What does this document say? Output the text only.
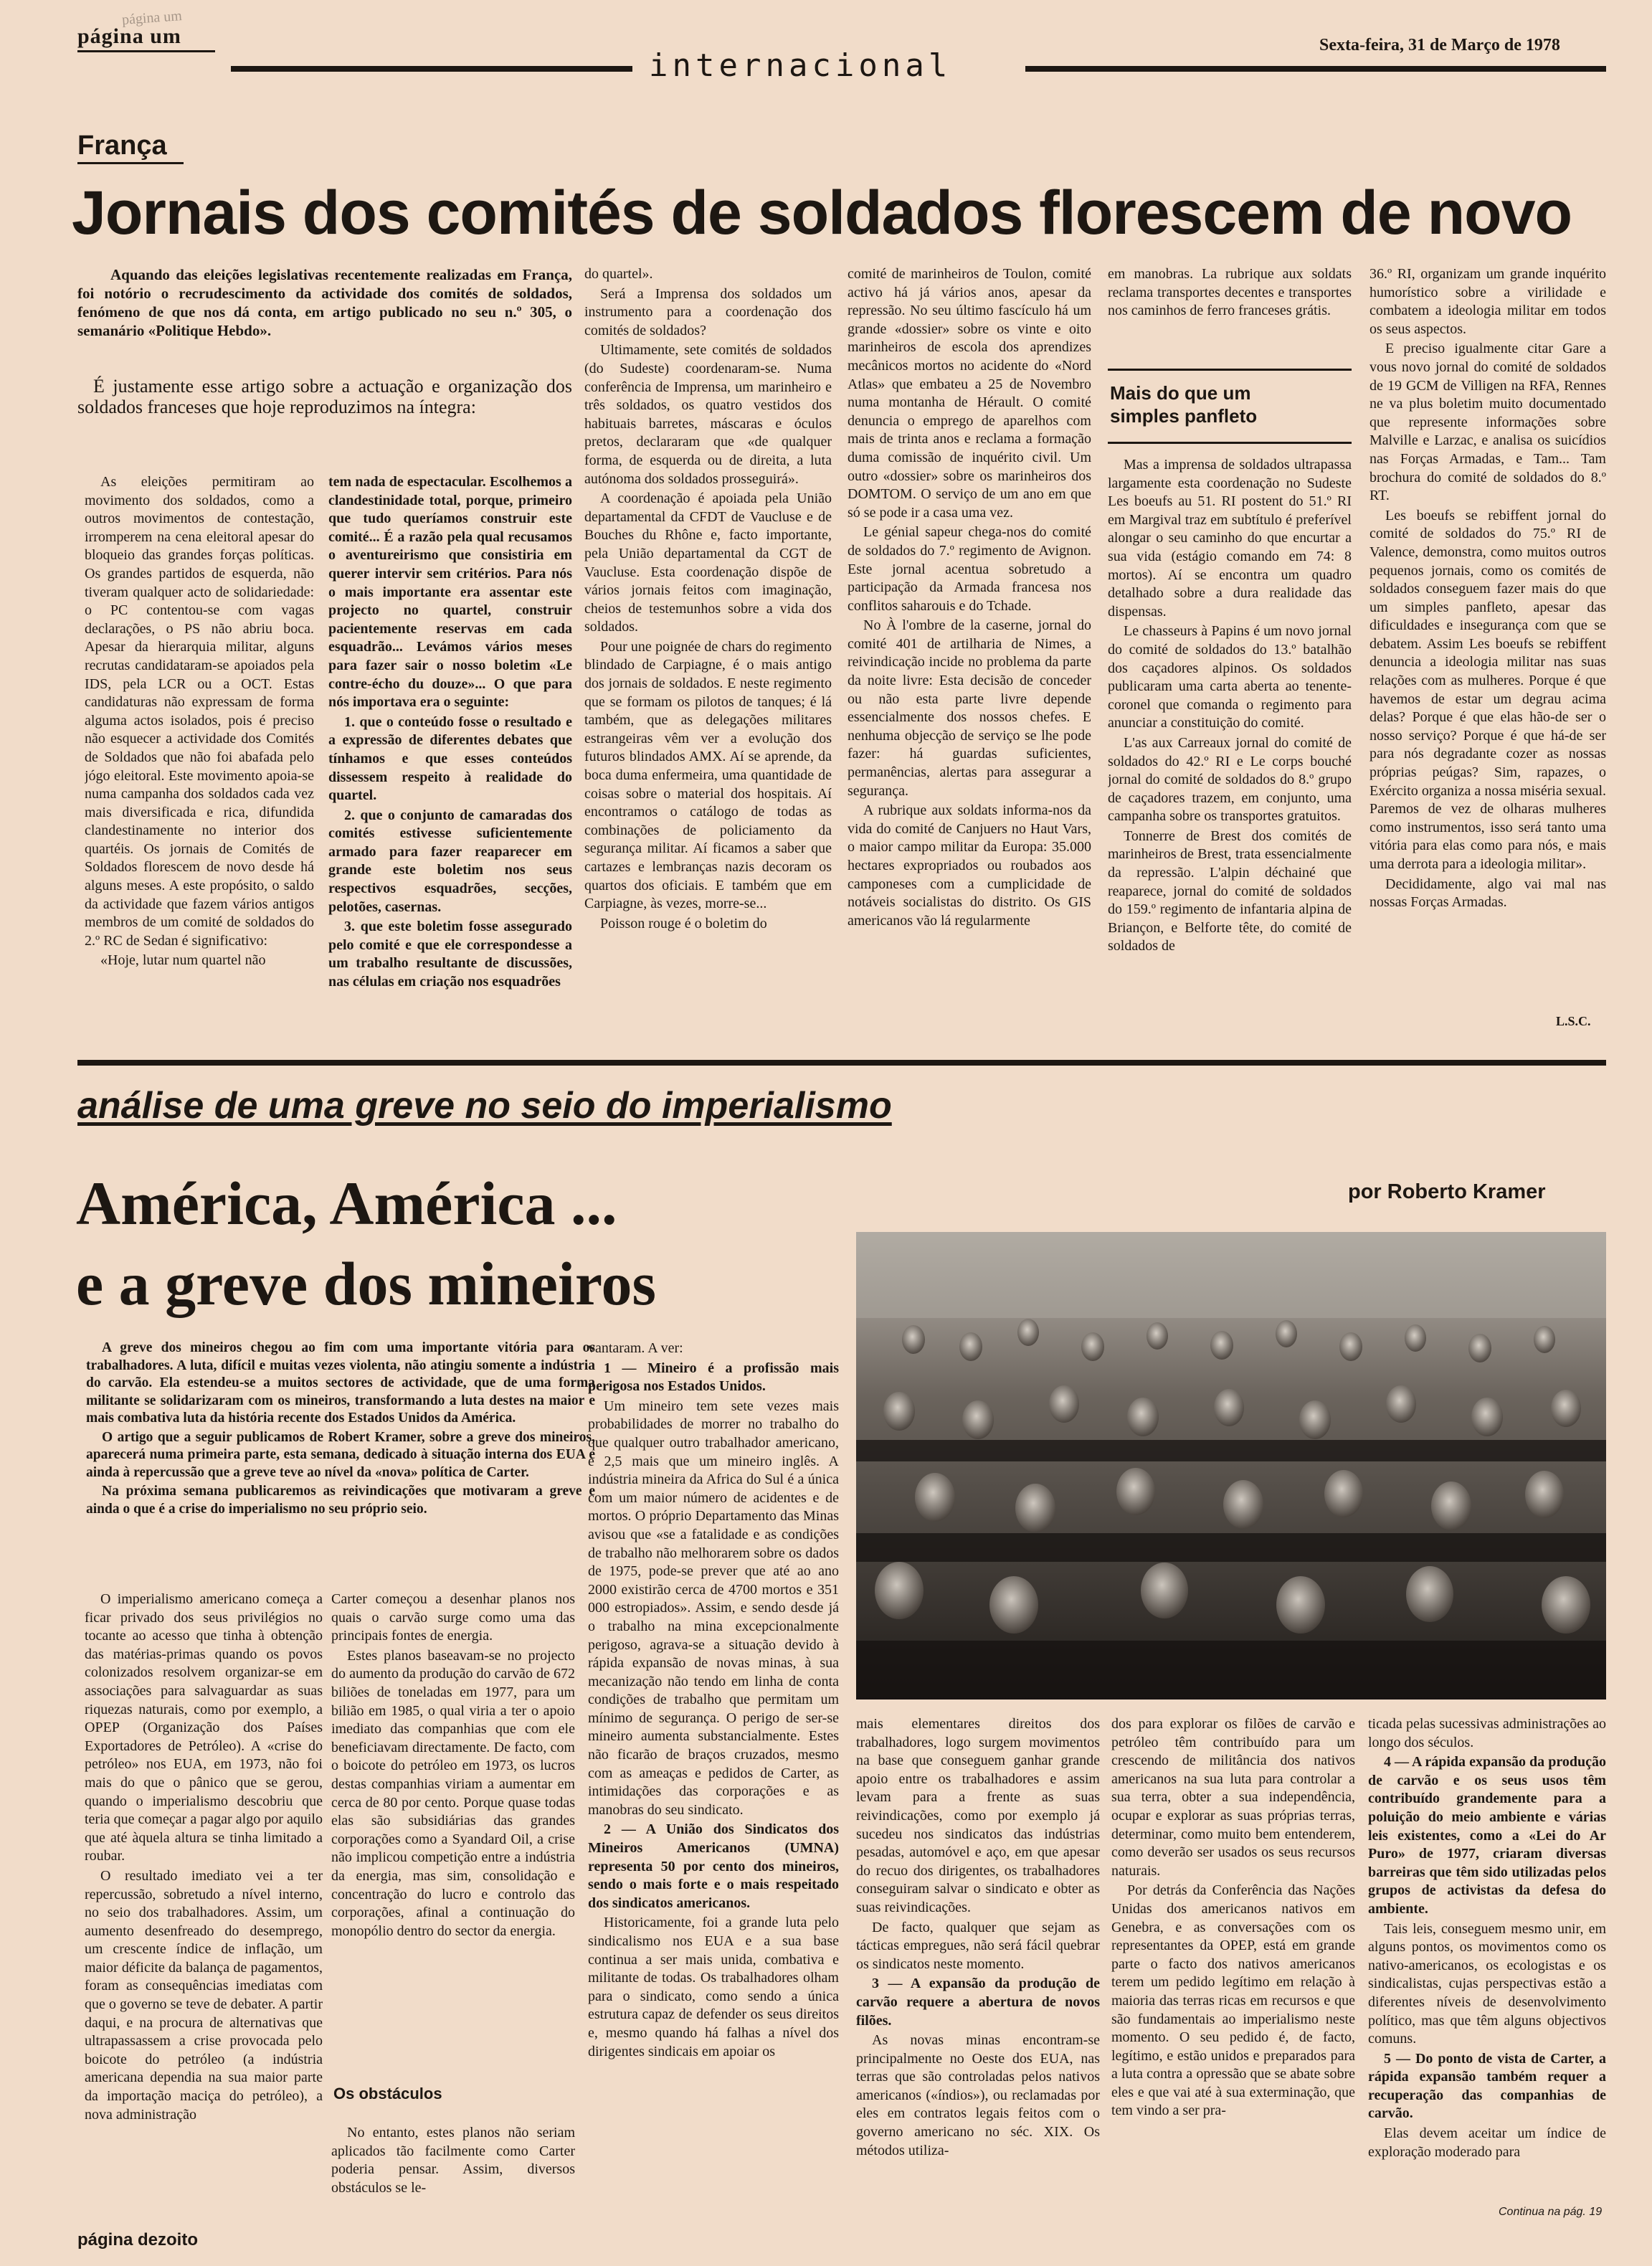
página um
página um
internacional
Sexta-feira, 31 de Março de 1978
França
Jornais dos comités de soldados florescem de novo

Aquando das eleições legislativas recentemente realizadas em França, foi notório o recrudescimento da actividade dos comités de soldados, fenómeno de que nos dá conta, em artigo publicado no seu n.º 305, o semanário «Politique Hebdo».

É justamente esse artigo sobre a actuação e organização dos soldados franceses que hoje reproduzimos na íntegra:

As eleições permitiram ao movimento dos soldados, como a outros movimentos de contestação, irromperem na cena eleitoral apesar do bloqueio das grandes forças políticas. Os grandes partidos de esquerda, não tiveram qualquer acto de solidariedade: o PC contentou-se com vagas declarações, o PS não abriu boca. Apesar da hierarquia militar, alguns recrutas candidataram-se apoiados pela IDS, pela LCR ou a OCT. Estas candidaturas não expressam de forma alguma actos isolados, pois é preciso não esquecer a actividade dos Comités de Soldados que não foi abafada pelo jógo eleitoral. Este movimento apoia-se numa campanha dos soldados cada vez mais diversificada e rica, difundida clandestinamente no interior dos quartéis. Os jornais de Comités de Soldados florescem de novo desde há alguns meses. A este propósito, o saldo da actividade que fazem vários antigos membros de um comité de soldados do 2.º RC de Sedan é significativo:

«Hoje, lutar num quartel não

tem nada de espectacular. Escolhemos a clandestinidade total, porque, primeiro que tudo queríamos construir este comité... É a razão pela qual recusamos o aventureirismo que consistiria em querer intervir sem critérios. Para nós o mais importante era assentar este projecto no quartel, construir pacientemente reservas em cada esquadrão... Levámos vários meses para fazer sair o nosso boletim «Le contre-écho du douze»... O que para nós importava era o seguinte:

1. que o conteúdo fosse o resultado e a expressão de diferentes debates que tínhamos e que esses conteúdos dissessem respeito à realidade do quartel.

2. que o conjunto de camaradas dos comités estivesse suficientemente armado para fazer reaparecer em grande este boletim nos seus respectivos esquadrões, secções, pelotões, casernas.

3. que este boletim fosse assegurado pelo comité e que ele correspondesse a um trabalho resultante de discussões, nas células em criação nos esquadrões

do quartel».

Será a Imprensa dos soldados um instrumento para a coordenação dos comités de soldados?

Ultimamente, sete comités de soldados (do Sudeste) coordenaram-se. Numa conferência de Imprensa, um marinheiro e três soldados, os quatro vestidos dos habituais barretes, máscaras e óculos pretos, declararam que «de qualquer forma, de esquerda ou de direita, a luta autónoma dos soldados prosseguirá».

A coordenação é apoiada pela União departamental da CFDT de Vaucluse e de Bouches du Rhône e, facto importante, pela União departamental da CGT de Vaucluse. Esta coordenação dispõe de vários jornais feitos com imaginação, cheios de testemunhos sobre a vida dos soldados.

Pour une poignée de chars do regimento blindado de Carpiagne, é o mais antigo dos jornais de soldados. E neste regimento que se formam os pilotos de tanques; é lá também, que as delegações militares estrangeiras vêm ver a evolução dos futuros blindados AMX. Aí se aprende, da boca duma enfermeira, uma quantidade de coisas sobre o material dos hospitais. Aí encontramos o catálogo de todas as combinações de policiamento da segurança militar. Aí ficamos a saber que cartazes e lembranças nazis decoram os quartos dos oficiais. E também que em Carpiagne, às vezes, morre-se...

Poisson rouge é o boletim do

comité de marinheiros de Toulon, comité activo há já vários anos, apesar da repressão. No seu último fascículo há um grande «dossier» sobre os vinte e oito marinheiros de escola dos aprendizes mecânicos mortos no acidente do «Nord Atlas» que embateu a 25 de Novembro numa montanha de Hérault. O comité denuncia o emprego de aparelhos com mais de trinta anos e reclama a formação duma comissão de inquérito civil. Um outro «dossier» sobre os marinheiros dos DOMTOM. O serviço de um ano em que só se pode ir a casa uma vez.

Le génial sapeur chega-nos do comité de soldados do 7.º regimento de Avignon. Este jornal acentua sobretudo a participação da Armada francesa nos conflitos saharouis e do Tchade.

No À l'ombre de la caserne, jornal do comité 401 de artilharia de Nimes, a reivindicação incide no problema da parte da noite livre: Esta decisão de conceder ou não esta parte livre depende essencialmente dos nossos chefes. E nenhuma objecção de serviço se lhe pode fazer: há guardas suficientes, permanências, alertas para assegurar a segurança.

A rubrique aux soldats informa-nos da vida do comité de Canjuers no Haut Vars, o maior campo militar da Europa: 35.000 hectares expropriados ou roubados aos camponeses com a cumplicidade de notáveis socialistas do distrito. Os GIS americanos vão lá regularmente

em manobras. La rubrique aux soldats reclama transportes decentes e transportes nos caminhos de ferro franceses grátis.

Mais do que um simples panfleto

Mas a imprensa de soldados ultrapassa largamente esta coordenação no Sudeste Les boeufs au 51. RI postent do 51.º RI em Margival traz em subtítulo é preferível alongar o seu caminho do que encurtar a sua vida (estágio comando em 74: 8 mortos). Aí se encontra um quadro detalhado sobre a dura realidade das dispensas.

Le chasseurs à Papins é um novo jornal do comité de soldados do 13.º batalhão dos caçadores alpinos. Os soldados publicaram uma carta aberta ao tenente-coronel que comanda o regimento para anunciar a constituição do comité.

L'as aux Carreaux jornal do comité de soldados do 42.º RI e Le corps bouché jornal do comité de soldados do 8.º grupo de caçadores trazem, em conjunto, uma campanha sobre os transportes gratuitos.

Tonnerre de Brest dos comités de marinheiros de Brest, trata essencialmente da repressão. L'alpin déchainé que reaparece, jornal do comité de soldados do 159.º regimento de infantaria alpina de Briançon, e Belforte tête, do comité de soldados de

36.º RI, organizam um grande inquérito humorístico sobre a virilidade e combatem a ideologia militar em todos os seus aspectos.

E preciso igualmente citar Gare a vous novo jornal do comité de soldados de 19 GCM de Villigen na RFA, Rennes ne va plus boletim muito documentado que represente informações sobre Malville e Larzac, e analisa os suicídios nas Forças Armadas, e Tam... Tam brochura do comité de soldados do 8.º RT.

Les boeufs se rebiffent jornal do comité de soldados do 75.º RI de Valence, demonstra, como muitos outros pequenos jornais, como os comités de soldados conseguem fazer mais do que um simples panfleto, apesar das dificuldades e insegurança com que se debatem. Assim Les boeufs se rebiffent denuncia a ideologia militar nas suas relações com as mulheres. Porque é que havemos de estar um degrau acima delas? Porque é que elas hão-de ser o nosso serviço? Porque é que há-de ser para nós degradante cozer as nossas próprias peúgas? Sim, rapazes, o Exército organiza a nossa miséria sexual. Paremos de vez de olharas mulheres como instrumentos, isso será tanto uma vitória para elas como para nós, e mais uma derrota para a ideologia militar».

Decididamente, algo vai mal nas nossas Forças Armadas.

L.S.C.
análise de uma greve no seio do imperialismo
América, América ...
e a greve dos mineiros
por Roberto Kramer

A greve dos mineiros chegou ao fim com uma importante vitória para os trabalhadores. A luta, difícil e muitas vezes violenta, não atingiu somente a indústria do carvão. Ela estendeu-se a muitos sectores de actividade, que de uma forma militante se solidarizaram com os mineiros, transformando a luta destes na maior e mais combativa luta da história recente dos Estados Unidos da América.

O artigo que a seguir publicamos de Robert Kramer, sobre a greve dos mineiros, aparecerá numa primeira parte, esta semana, dedicado à situação interna dos EUA e ainda à repercussão que a greve teve ao nível da «nova» política de Carter.

Na próxima semana publicaremos as reivindicações que motivaram a greve e ainda o que é a crise do imperialismo no seu próprio seio.

O imperialismo americano começa a ficar privado dos seus privilégios no tocante ao acesso que tinha à obtenção das matérias-primas quando os povos colonizados resolvem organizar-se em associações para salvaguardar as suas riquezas naturais, como por exemplo, a OPEP (Organização dos Países Exportadores de Petróleo). A «crise do petróleo» nos EUA, em 1973, não foi mais do que o pânico que se gerou, quando o imperialismo descobriu que teria que começar a pagar algo por aquilo que até àquela altura se tinha limitado a roubar.

O resultado imediato vei a ter repercussão, sobretudo a nível interno, no seio dos trabalhadores. Assim, um aumento desenfreado do desemprego, um crescente índice de inflação, um maior déficite da balança de pagamentos, foram as consequências imediatas com que o governo se teve de debater. A partir daqui, e na procura de alternativas que ultrapassassem a crise provocada pelo boicote do petróleo (a indústria americana dependia na sua maior parte da importação maciça do petróleo), a nova administração

Carter começou a desenhar planos nos quais o carvão surge como uma das principais fontes de energia.

Estes planos baseavam-se no projecto do aumento da produção do carvão de 672 biliões de toneladas em 1977, para um bilião em 1985, o qual viria a ter o apoio imediato das companhias que com ele beneficiavam directamente. De facto, com o boicote do petróleo em 1973, os lucros destas companhias viriam a aumentar em cerca de 80 por cento. Porque quase todas elas são subsidiárias das grandes corporações como a Syandard Oil, a crise não implicou competição entre a indústria da energia, mas sim, consolidação e concentração do lucro e controlo das corporações, afinal a continuação do monopólio dentro do sector da energia.

Os obstáculos

No entanto, estes planos não seriam aplicados tão facilmente como Carter poderia pensar. Assim, diversos obstáculos se le-

vantaram. A ver:

1 — Mineiro é a profissão mais perigosa nos Estados Unidos.

Um mineiro tem sete vezes mais probabilidades de morrer no trabalho do que qualquer outro trabalhador americano, e 2,5 mais que um mineiro inglês. A indústria mineira da Africa do Sul é a única com um maior número de acidentes e de mortos. O próprio Departamento das Minas avisou que «se a fatalidade e as condições de trabalho não melhorarem sobre os dados de 1975, pode-se prever que até ao ano 2000 existirão cerca de 4700 mortos e 351 000 estropiados». Assim, e sendo desde já o trabalho na mina excepcionalmente perigoso, agrava-se a situação devido à rápida expansão de novas minas, à sua mecanização não tendo em linha de conta condições de trabalho que permitam um mínimo de segurança. O perigo de ser-se mineiro aumenta substancialmente. Estes não ficarão de braços cruzados, mesmo com as ameaças e pedidos de Carter, as intimidações das corporações e as manobras do seu sindicato.

2 — A União dos Sindicatos dos Mineiros Americanos (UMNA) representa 50 por cento dos mineiros, sendo o mais forte e o mais respeitado dos sindicatos americanos.

Historicamente, foi a grande luta pelo sindicalismo nos EUA e a sua base continua a ser mais unida, combativa e militante de todas. Os trabalhadores olham para o sindicato, como sendo a única estrutura capaz de defender os seus direitos e, mesmo quando há falhas a nível dos dirigentes sindicais em apoiar os

mais elementares direitos dos trabalhadores, logo surgem movimentos na base que conseguem ganhar grande apoio entre os trabalhadores e assim levam para a frente as suas reivindicações, como por exemplo já sucedeu nos sindicatos das indústrias pesadas, automóvel e aço, em que apesar do recuo dos dirigentes, os trabalhadores conseguiram salvar o sindicato e obter as suas reivindicações.

De facto, qualquer que sejam as tácticas empregues, não será fácil quebrar os sindicatos neste momento.

3 — A expansão da produção de carvão requere a abertura de novos filões.

As novas minas encontram-se principalmente no Oeste dos EUA, nas terras que são controladas pelos nativos americanos («índios»), ou reclamadas por eles em contratos legais feitos com o governo americano no séc. XIX. Os métodos utiliza-

dos para explorar os filões de carvão e petróleo têm contribuído para um crescendo de militância dos nativos americanos na sua luta para controlar a sua terra, obter a sua independência, ocupar e explorar as suas próprias terras, determinar, como muito bem entenderem, como deverão ser usados os seus recursos naturais.

Por detrás da Conferência das Nações Unidas dos americanos nativos em Genebra, e as conversações com os representantes da OPEP, está em grande parte o facto dos nativos americanos terem um pedido legítimo em relação à maioria das terras ricas em recursos e que são fundamentais ao imperialismo neste momento. O seu pedido é, de facto, legítimo, e estão unidos e preparados para a luta contra a opressão que se abate sobre eles e que vai até à sua exterminação, que tem vindo a ser pra-

ticada pelas sucessivas administrações ao longo dos séculos.

4 — A rápida expansão da produção de carvão e os seus usos têm contribuído grandemente para a poluição do meio ambiente e várias leis existentes, como a «Lei do Ar Puro» de 1977, criaram diversas barreiras que têm sido utilizadas pelos grupos de activistas da defesa do ambiente.

Tais leis, conseguem mesmo unir, em alguns pontos, os movimentos como os nativo-americanos, os ecologistas e os sindicalistas, cujas perspectivas estão a diferentes níveis de desenvolvimento político, mas que têm alguns objectivos comuns.

5 — Do ponto de vista de Carter, a rápida expansão também requer a recuperação das companhias de carvão.

Elas devem aceitar um índice de exploração moderado para

Continua na pág. 19
página dezoito
